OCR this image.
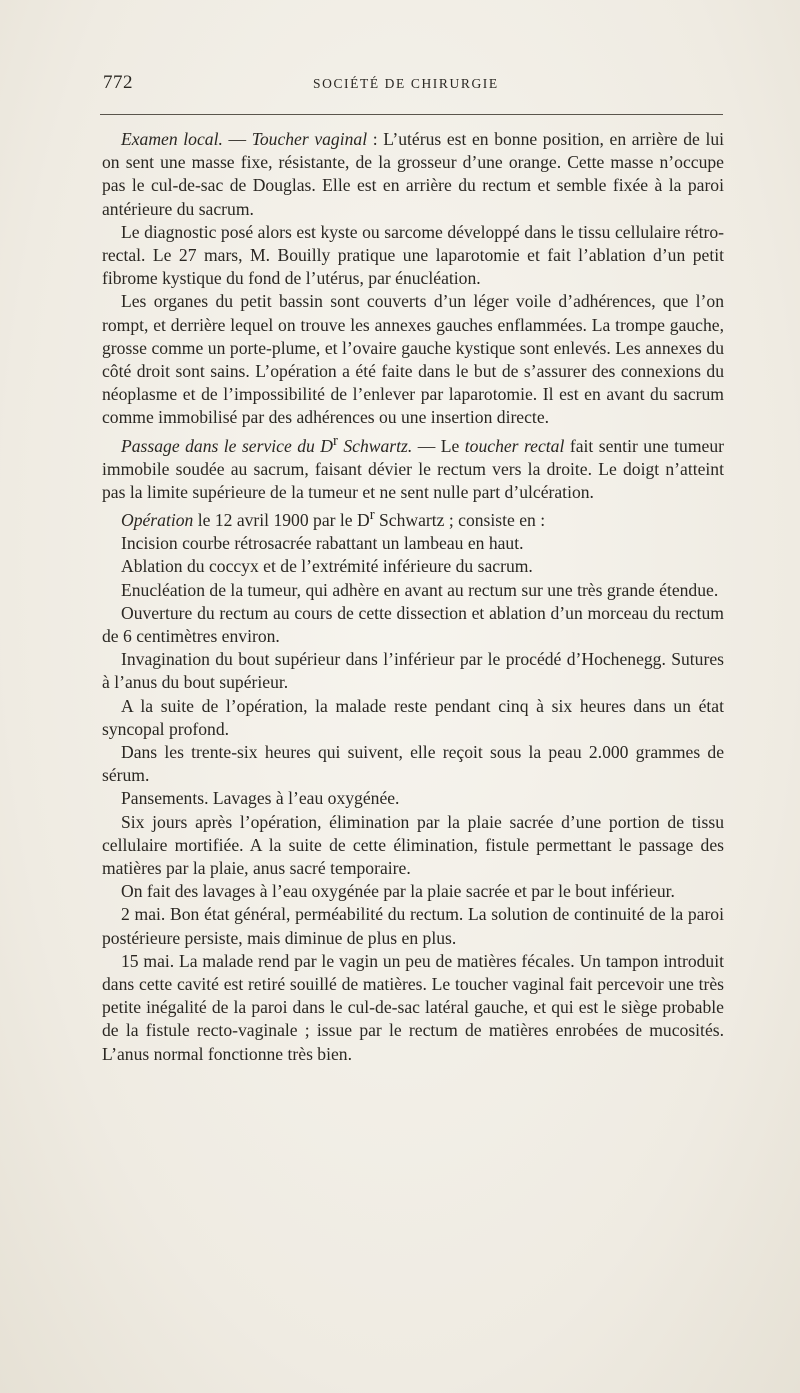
772	SOCIÉTÉ DE CHIRURGIE

Examen local. — Toucher vaginal : L’utérus est en bonne position, en arrière de lui on sent une masse fixe, résistante, de la grosseur d’une orange. Cette masse n’occupe pas le cul-de-sac de Douglas. Elle est en arrière du rectum et semble fixée à la paroi antérieure du sacrum.

Le diagnostic posé alors est kyste ou sarcome développé dans le tissu cellulaire rétro-rectal. Le 27 mars, M. Bouilly pratique une laparotomie et fait l’ablation d’un petit fibrome kystique du fond de l’utérus, par énucléation.

Les organes du petit bassin sont couverts d’un léger voile d’adhérences, que l’on rompt, et derrière lequel on trouve les annexes gauches enflammées. La trompe gauche, grosse comme un porte-plume, et l’ovaire gauche kystique sont enlevés. Les annexes du côté droit sont sains. L’opération a été faite dans le but de s’assurer des connexions du néoplasme et de l’impossibilité de l’enlever par laparotomie. Il est en avant du sacrum comme immobilisé par des adhérences ou une insertion directe.

Passage dans le service du $D^r$ Schwartz. — Le toucher rectal fait sentir une tumeur immobile soudée au sacrum, faisant dévier le rectum vers la droite. Le doigt n’atteint pas la limite supérieure de la tumeur et ne sent nulle part d’ulcération.

Opération le 12 avril 1900 par le $D^r$ Schwartz ; consiste en :

Incision courbe rétrosacrée rabattant un lambeau en haut.

Ablation du coccyx et de l’extrémité inférieure du sacrum.

Enucléation de la tumeur, qui adhère en avant au rectum sur une très grande étendue.

Ouverture du rectum au cours de cette dissection et ablation d’un morceau du rectum de 6 centimètres environ.

Invagination du bout supérieur dans l’inférieur par le procédé d’Hochenegg. Sutures à l’anus du bout supérieur.

A la suite de l’opération, la malade reste pendant cinq à six heures dans un état syncopal profond.

Dans les trente-six heures qui suivent, elle reçoit sous la peau 2.000 grammes de sérum.

Pansements. Lavages à l’eau oxygénée.

Six jours après l’opération, élimination par la plaie sacrée d’une portion de tissu cellulaire mortifiée. A la suite de cette élimination, fistule permettant le passage des matières par la plaie, anus sacré temporaire.

On fait des lavages à l’eau oxygénée par la plaie sacrée et par le bout inférieur.

2 mai. Bon état général, perméabilité du rectum. La solution de continuité de la paroi postérieure persiste, mais diminue de plus en plus.

15 mai. La malade rend par le vagin un peu de matières fécales. Un tampon introduit dans cette cavité est retiré souillé de matières. Le toucher vaginal fait percevoir une très petite inégalité de la paroi dans le cul-de-sac latéral gauche, et qui est le siège probable de la fistule recto-vaginale ; issue par le rectum de matières enrobées de mucosités. L’anus normal fonctionne très bien.
